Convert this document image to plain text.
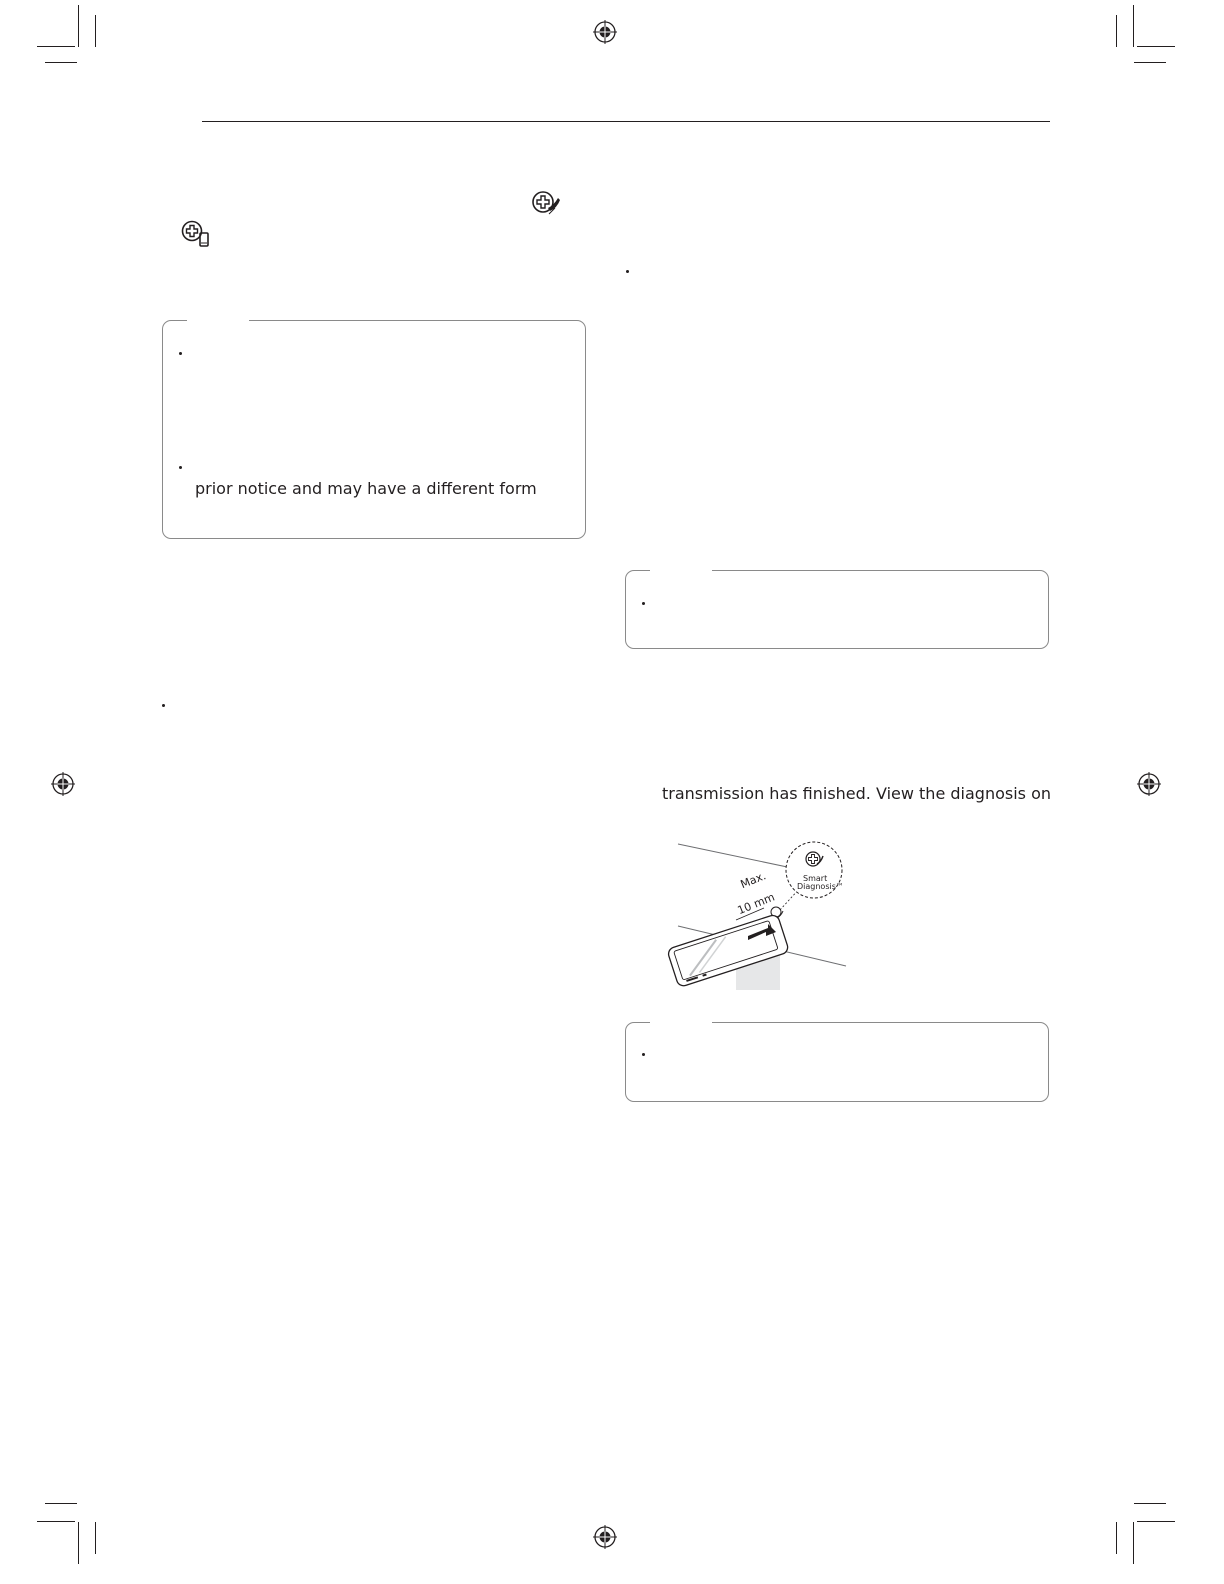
prior notice and may have a different form

transmission has finished. View the diagnosis on

Max.

10 mm

Smart

Diagnosis™
